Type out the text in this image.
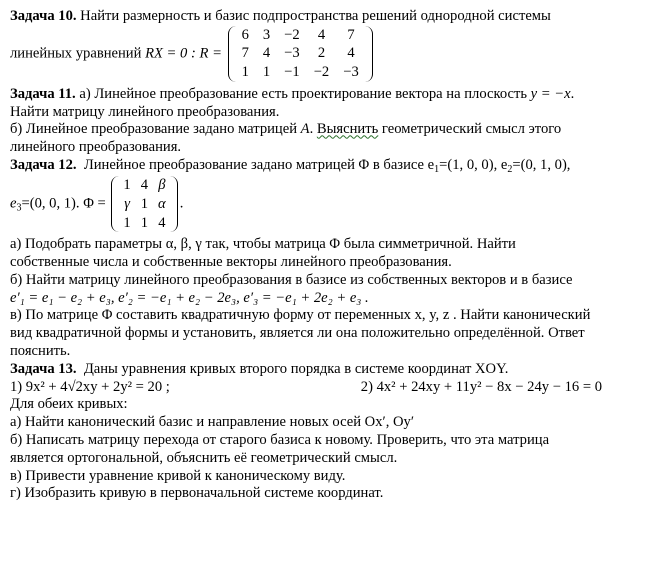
Задача 10. Найти размерность и базис подпространства решений однородной системы
линейных уравнений RX = 0 : R =
6	3	−2	4	7
7	4	−3	2	4
1	1	−1	−2	−3
Задача 11. а) Линейное преобразование есть проектирование вектора на плоскость y = −x.
Найти матрицу линейного преобразования.
б) Линейное преобразование задано матрицей A. Выяснить геометрический смысл этого
линейного преобразования.
Задача 12. Линейное преобразование задано матрицей Φ в базисе $e_1=(1$, 0, 0), $e_2=(0$, 1, 0),
$e_3=(0$, 0, 1). Φ =
1	4	β
γ	1	α
1	1	4
.
а) Подобрать параметры α, β, γ так, чтобы матрица Φ была симметричной. Найти
собственные числа и собственные векторы линейного преобразования.
б) Найти матрицу линейного преобразования в базисе из собственных векторов и в базисе
e′₁ = e₁ − e₂ + e₃, e′₂ = −e₁ + e₂ − 2e₃, e′₃ = −e₁ + 2e₂ + e₃ .
в) По матрице Φ составить квадратичную форму от переменных x, y, z . Найти канонический
вид квадратичной формы и установить, является ли она положительно определённой. Ответ
пояснить.
Задача 13. Даны уравнения кривых второго порядка в системе координат XOY.
1) 9x² + 4√2xy + 2y² = 20 ;	2) 4x² + 24xy + 11y² − 8x − 24y − 16 = 0
Для обеих кривых:
а) Найти канонический базис и направление новых осей Ox′, Oy′
б) Написать матрицу перехода от старого базиса к новому. Проверить, что эта матрица
является ортогональной, объяснить её геометрический смысл.
в) Привести уравнение кривой к каноническому виду.
г) Изобразить кривую в первоначальной системе координат.
